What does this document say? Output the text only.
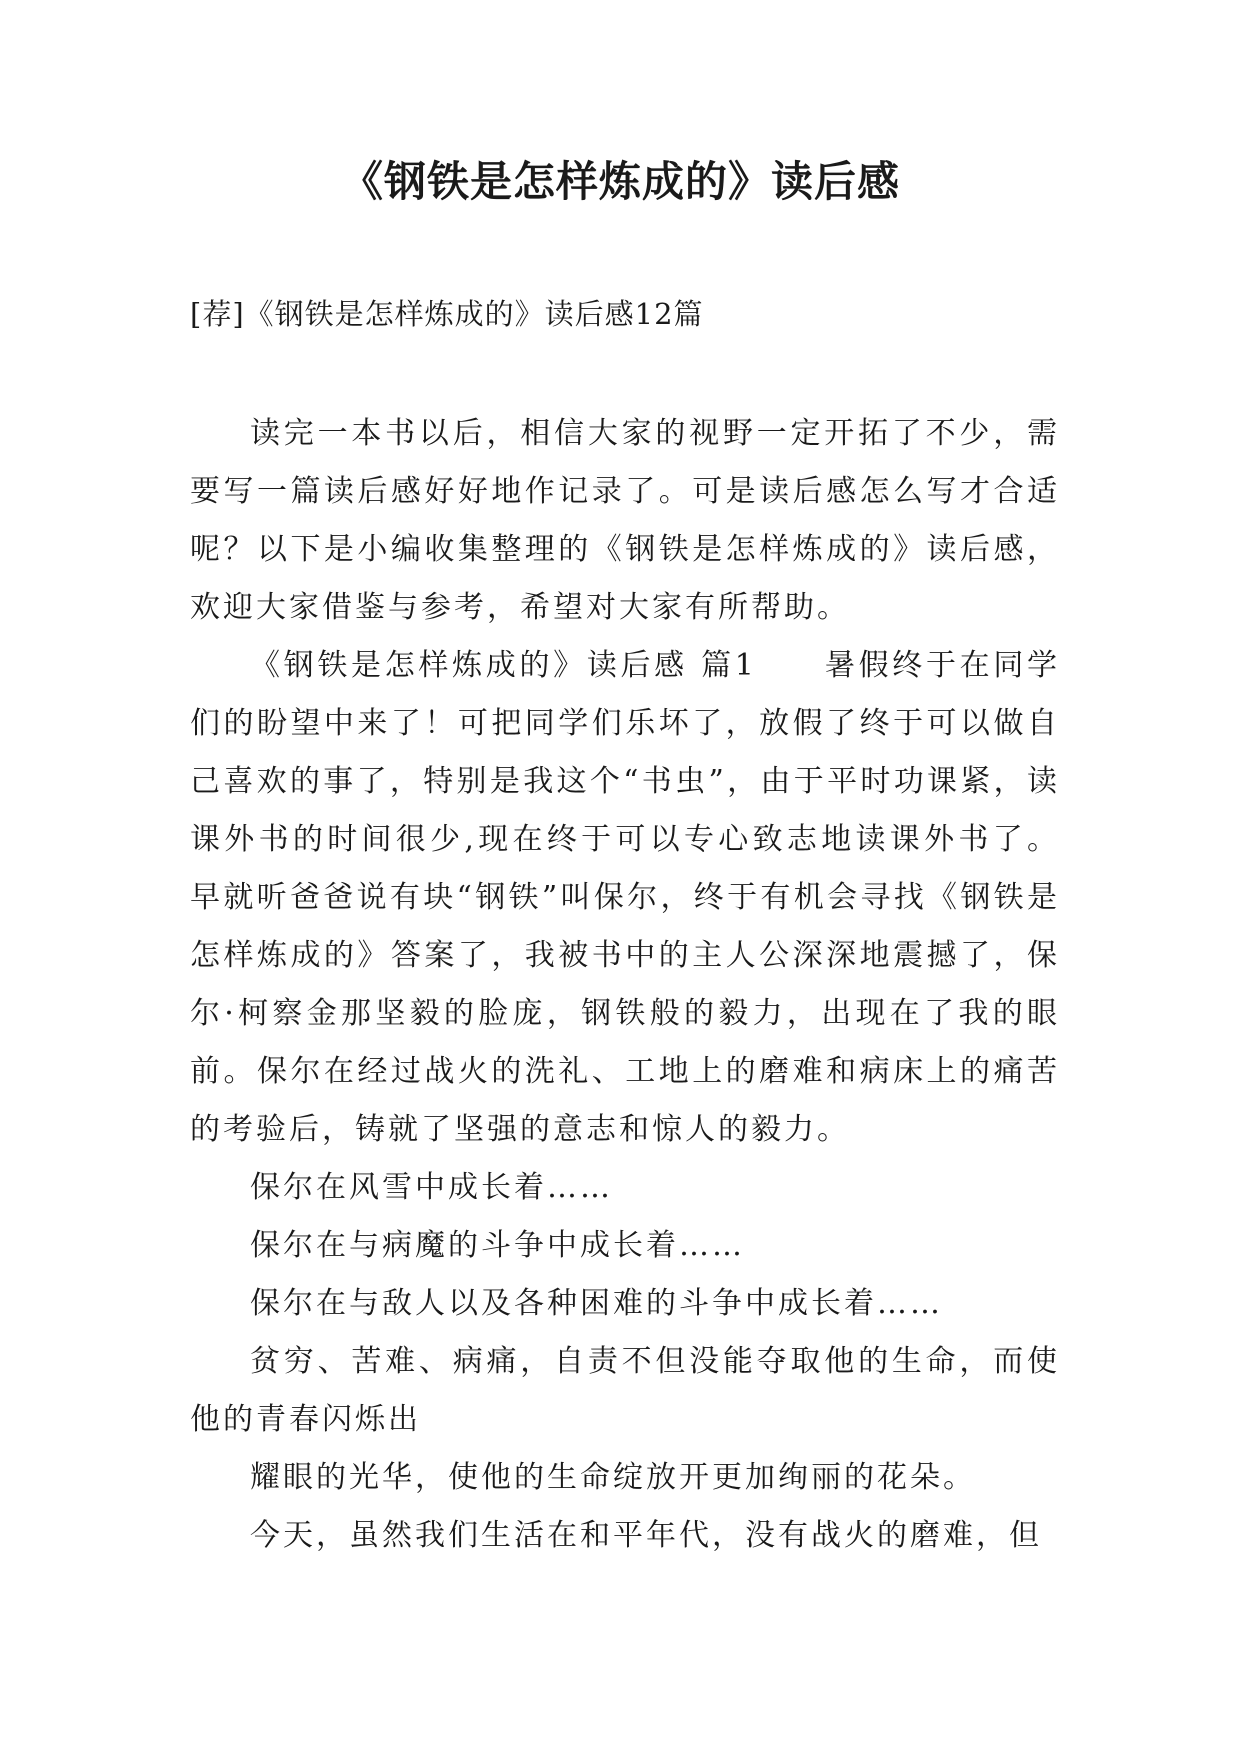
《钢铁是怎样炼成的》读后感

[荐]《钢铁是怎样炼成的》读后感12篇

读完一本书以后，相信大家的视野一定开拓了不少，需要写一篇读后感好好地作记录了。可是读后感怎么写才合适呢？以下是小编收集整理的《钢铁是怎样炼成的》读后感，欢迎大家借鉴与参考，希望对大家有所帮助。

《钢铁是怎样炼成的》读后感 篇1　　暑假终于在同学们的盼望中来了！可把同学们乐坏了，放假了终于可以做自己喜欢的事了，特别是我这个“书虫”，由于平时功课紧，读课外书的时间很少,现在终于可以专心致志地读课外书了。早就听爸爸说有块“钢铁”叫保尔，终于有机会寻找《钢铁是怎样炼成的》答案了，我被书中的主人公深深地震撼了，保尔·柯察金那坚毅的脸庞，钢铁般的毅力，出现在了我的眼前。保尔在经过战火的洗礼、工地上的磨难和病床上的痛苦的考验后，铸就了坚强的意志和惊人的毅力。

保尔在风雪中成长着……

保尔在与病魔的斗争中成长着……

保尔在与敌人以及各种困难的斗争中成长着……

贫穷、苦难、病痛，自责不但没能夺取他的生命，而使他的青春闪烁出

耀眼的光华，使他的生命绽放开更加绚丽的花朵。

今天，虽然我们生活在和平年代，没有战火的磨难，但
